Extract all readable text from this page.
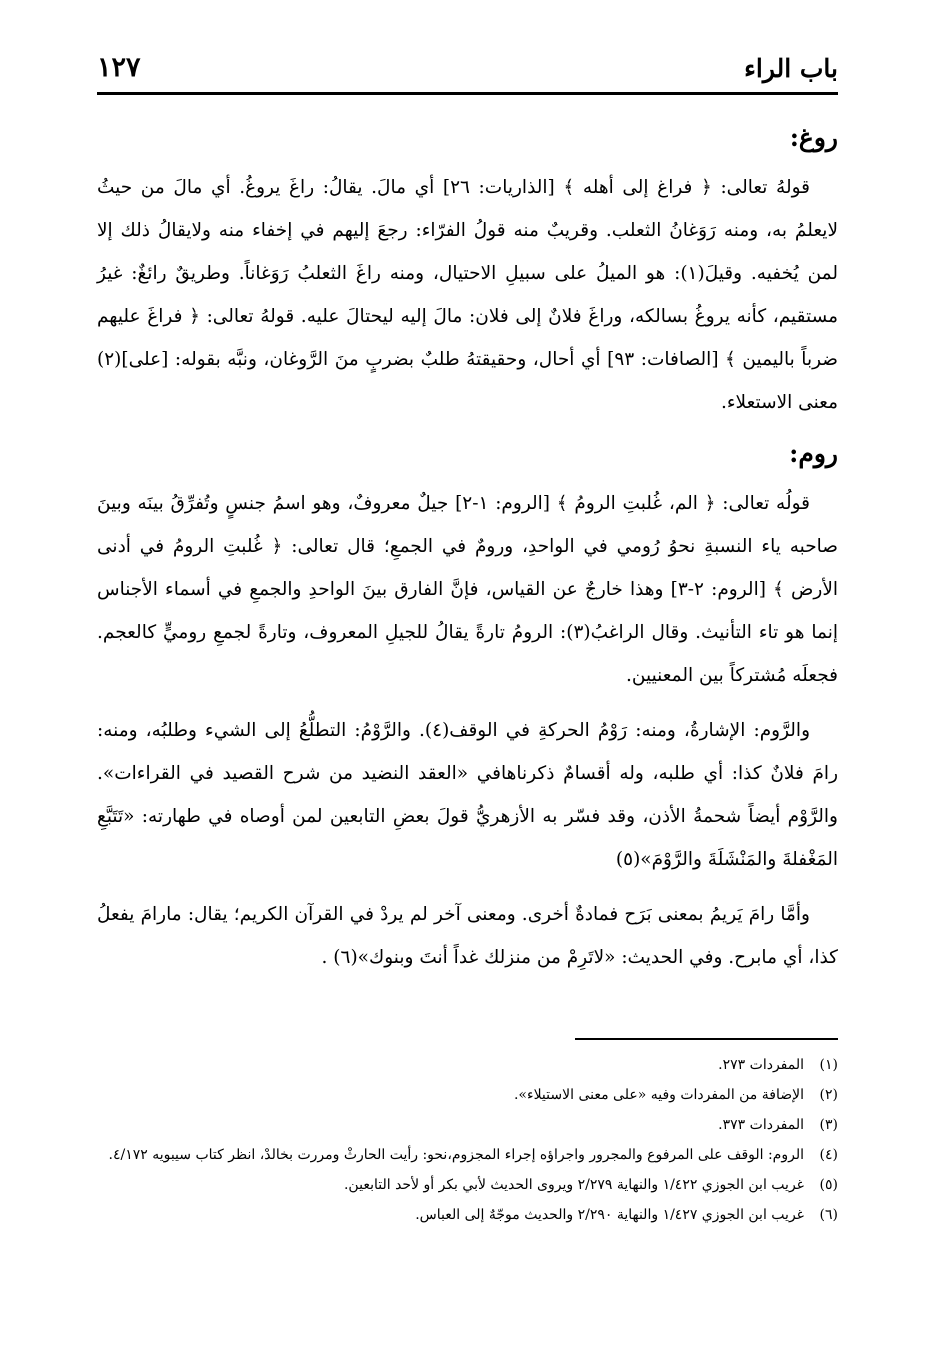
باب الراء
١٢٧
روغ:

قولهُ تعالى: ﴿ فراغ إلى أهله ﴾ [الذاريات: ٢٦] أي مالَ. يقالُ: راغَ يروغُ. أي مالَ من حيثُ لايعلمُ به، ومنه رَوَغانُ الثعلب. وقريبٌ منه قولُ الفرّاء: رجعَ إليهم في إخفاء منه ولايقالُ ذلك إلا لمن يُخفيه. وقيلَ(١): هو الميلُ على سبيلِ الاحتيال، ومنه راغَ الثعلبُ رَوَغاناً. وطريقٌ رائغٌ: غيرُ مستقيم، كأنه يروغُ بسالكه، وراغَ فلانٌ إلى فلان: مالَ إليه ليحتالَ عليه. قولهُ تعالى: ﴿ فراغَ عليهم ضرباً باليمين ﴾ [الصافات: ٩٣] أي أحال، وحقيقتهُ طلبٌ بضربٍ منَ الرَّوغان، ونبَّه بقوله: [على](٢) معنى الاستعلاء.

روم:

قولُه تعالى: ﴿ الم، غُلبتِ الرومُ ﴾ [الروم: ١-٢] جيلٌ معروفٌ، وهو اسمُ جنسٍ وتُفرِّقُ بينَه وبينَ صاحبه ياء النسبةِ نحوُ رُومي في الواحدِ، ورومٌ في الجمعِ؛ قال تعالى: ﴿ غُلبتِ الرومُ في أدنى الأرض ﴾ [الروم: ٢-٣] وهذا خارجٌ عن القياس، فإنَّ الفارق بينَ الواحدِ والجمعِ في أسماء الأجناس إنما هو تاء التأنيث. وقال الراغبُ(٣): الرومُ تارةً يقالُ للجيلِ المعروف، وتارةً لجمعِ روميٍّ كالعجم. فجعلَه مُشتركاً بين المعنيين.

والرَّوم: الإشارةُ، ومنه: رَوْمُ الحركةِ في الوقف(٤). والرَّوْمُ: التطلُّعُ إلى الشيء وطلبُه، ومنه: رامَ فلانٌ كذا: أي طلبه، وله أقسامٌ ذكرناهافي «العقد النضيد من شرح القصيد في القراءات». والرَّوْم أيضاً شحمةُ الأذن، وقد فسّر به الأزهريُّ قولَ بعضِ التابعين لمن أوصاه في طهارته: «تَتَبَّعِ المَغْفلةَ والمَنْشَلَةَ والرَّوْمَ»(٥)

وأمَّا رامَ يَريمُ بمعنى بَرَح فمادةٌ أخرى. ومعنى آخر لم يردْ في القرآن الكريم؛ يقال: مارامَ يفعلُ كذا، أي مابرح. وفي الحديث: «لاتَرِمْ من منزلك غداً أنتَ وبنوك»(٦) .

(١)
المفردات ٢٧٣.
(٢)
الإضافة من المفردات وفيه «على معنى الاستيلاء».
(٣)
المفردات ٣٧٣.
(٤)
الروم: الوقف على المرفوع والمجرور واجراؤه إجراء المجزوم،نحو: رأيت الحارثْ ومررت بخالدْ، انظر كتاب سيبويه ٤/١٧٢.
(٥)
غريب ابن الجوزي ١/٤٢٢ والنهاية ٢/٢٧٩ ويروى الحديث لأبي بكر أو لأحد التابعين.
(٦)
غريب ابن الجوزي ١/٤٢٧ والنهاية ٢/٢٩٠ والحديث موجّهٌ إلى العباس.
